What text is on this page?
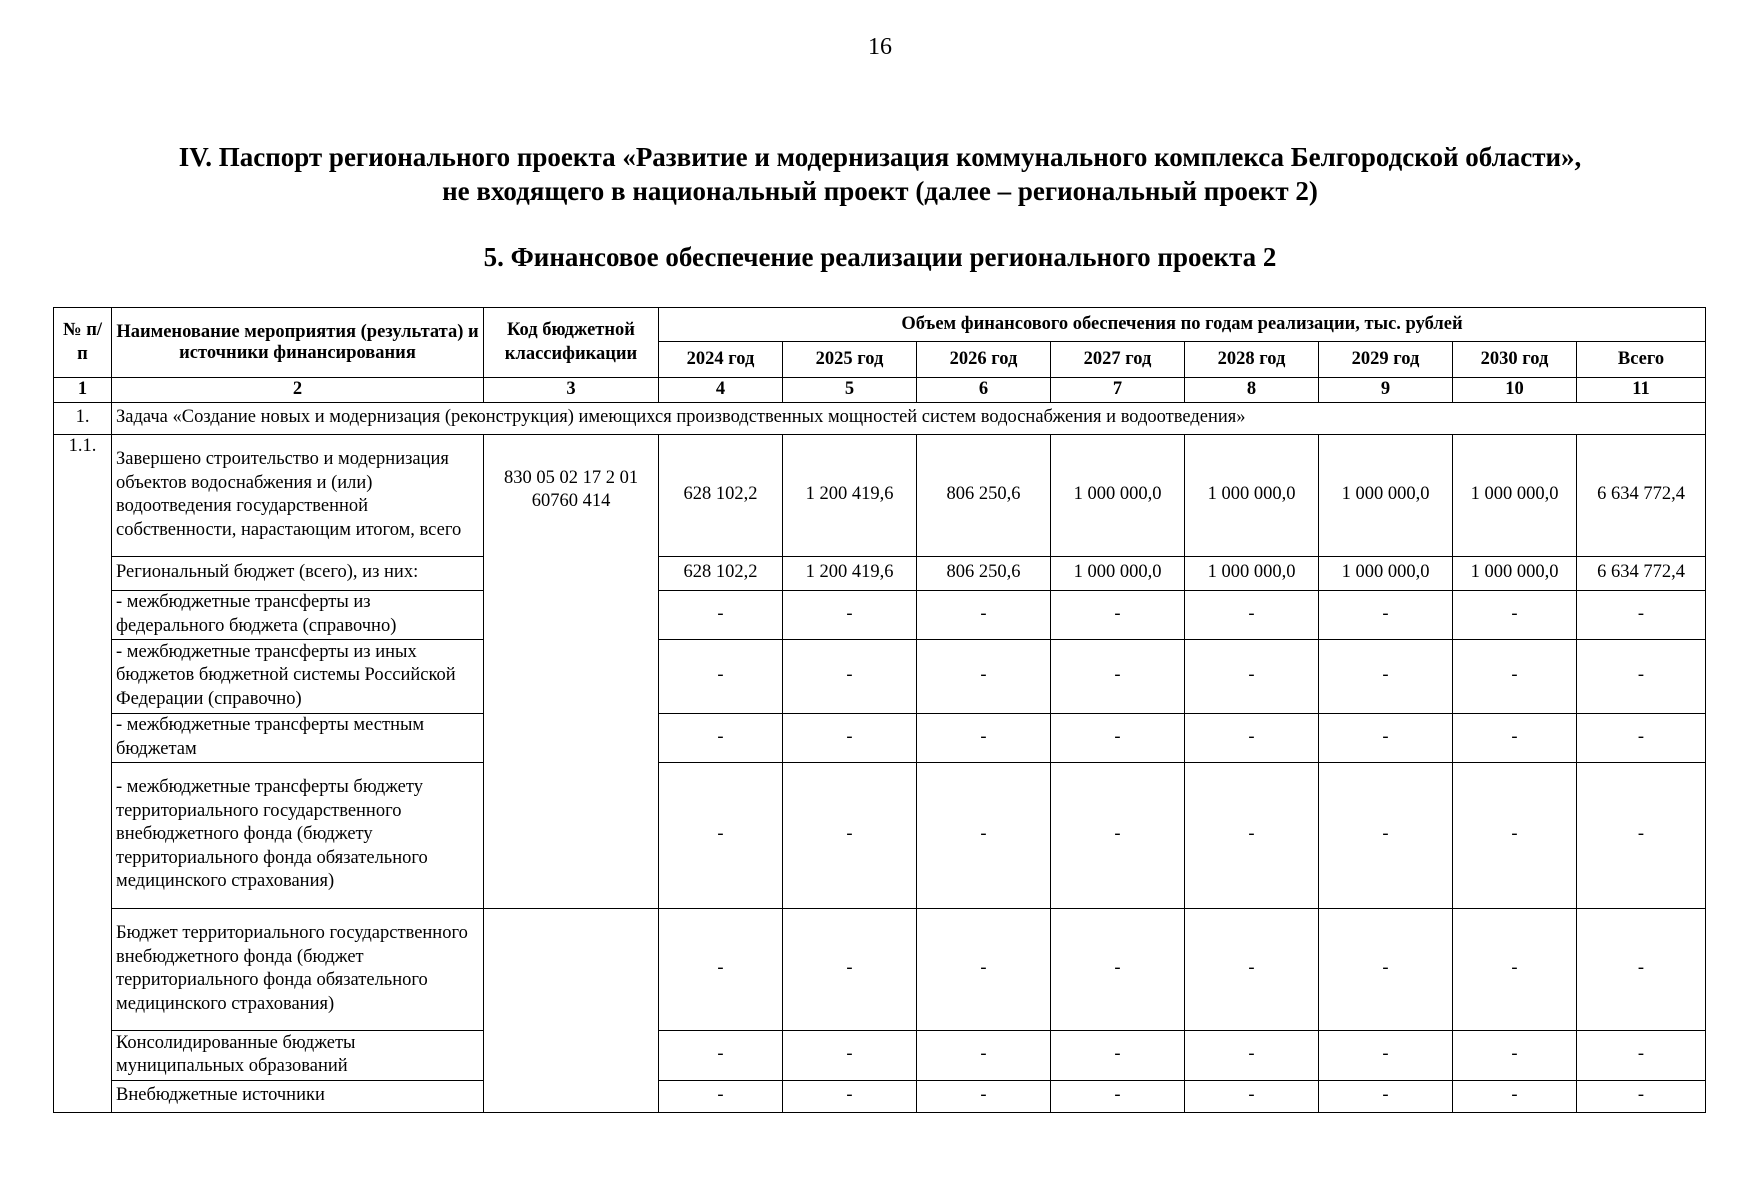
16
IV. Паспорт регионального проекта «Развитие и модернизация коммунального комплекса Белгородской области»,
не входящего в национальный проект (далее – региональный проект 2)
5. Финансовое обеспечение реализации регионального проекта 2
№ п/п	Наименование мероприятия (результата) и источники финансирования	Код бюджетной классификации	Объем финансового обеспечения по годам реализации, тыс. рублей							
			2024 год	2025 год	2026 год	2027 год	2028 год	2029 год	2030 год	Всего
1	2	3	4	5	6	7	8	9	10	11
1.	Задача «Создание новых и модернизация (реконструкция) имеющихся производственных мощностей систем водоснабжения и водоотведения»									
1.1.	Завершено строительство и модернизация объектов водоснабжения и (или) водоотведения государственной собственности, нарастающим итогом, всего	830 05 02 17 2 01 60760 414	628 102,2	1 200 419,6	806 250,6	1 000 000,0	1 000 000,0	1 000 000,0	1 000 000,0	6 634 772,4
	Региональный бюджет (всего), из них:		628 102,2	1 200 419,6	806 250,6	1 000 000,0	1 000 000,0	1 000 000,0	1 000 000,0	6 634 772,4
	- межбюджетные трансферты из федерального бюджета (справочно)		-	-	-	-	-	-	-	-
	- межбюджетные трансферты из иных бюджетов бюджетной системы Российской Федерации (справочно)		-	-	-	-	-	-	-	-
	- межбюджетные трансферты местным бюджетам		-	-	-	-	-	-	-	-
	- межбюджетные трансферты бюджету территориального государственного внебюджетного фонда (бюджету территориального фонда обязательного медицинского страхования)		-	-	-	-	-	-	-	-
	Бюджет территориального государственного внебюджетного фонда (бюджет территориального фонда обязательного медицинского страхования)		-	-	-	-	-	-	-	-
	Консолидированные бюджеты муниципальных образований		-	-	-	-	-	-	-	-
	Внебюджетные источники		-	-	-	-	-	-	-	-
